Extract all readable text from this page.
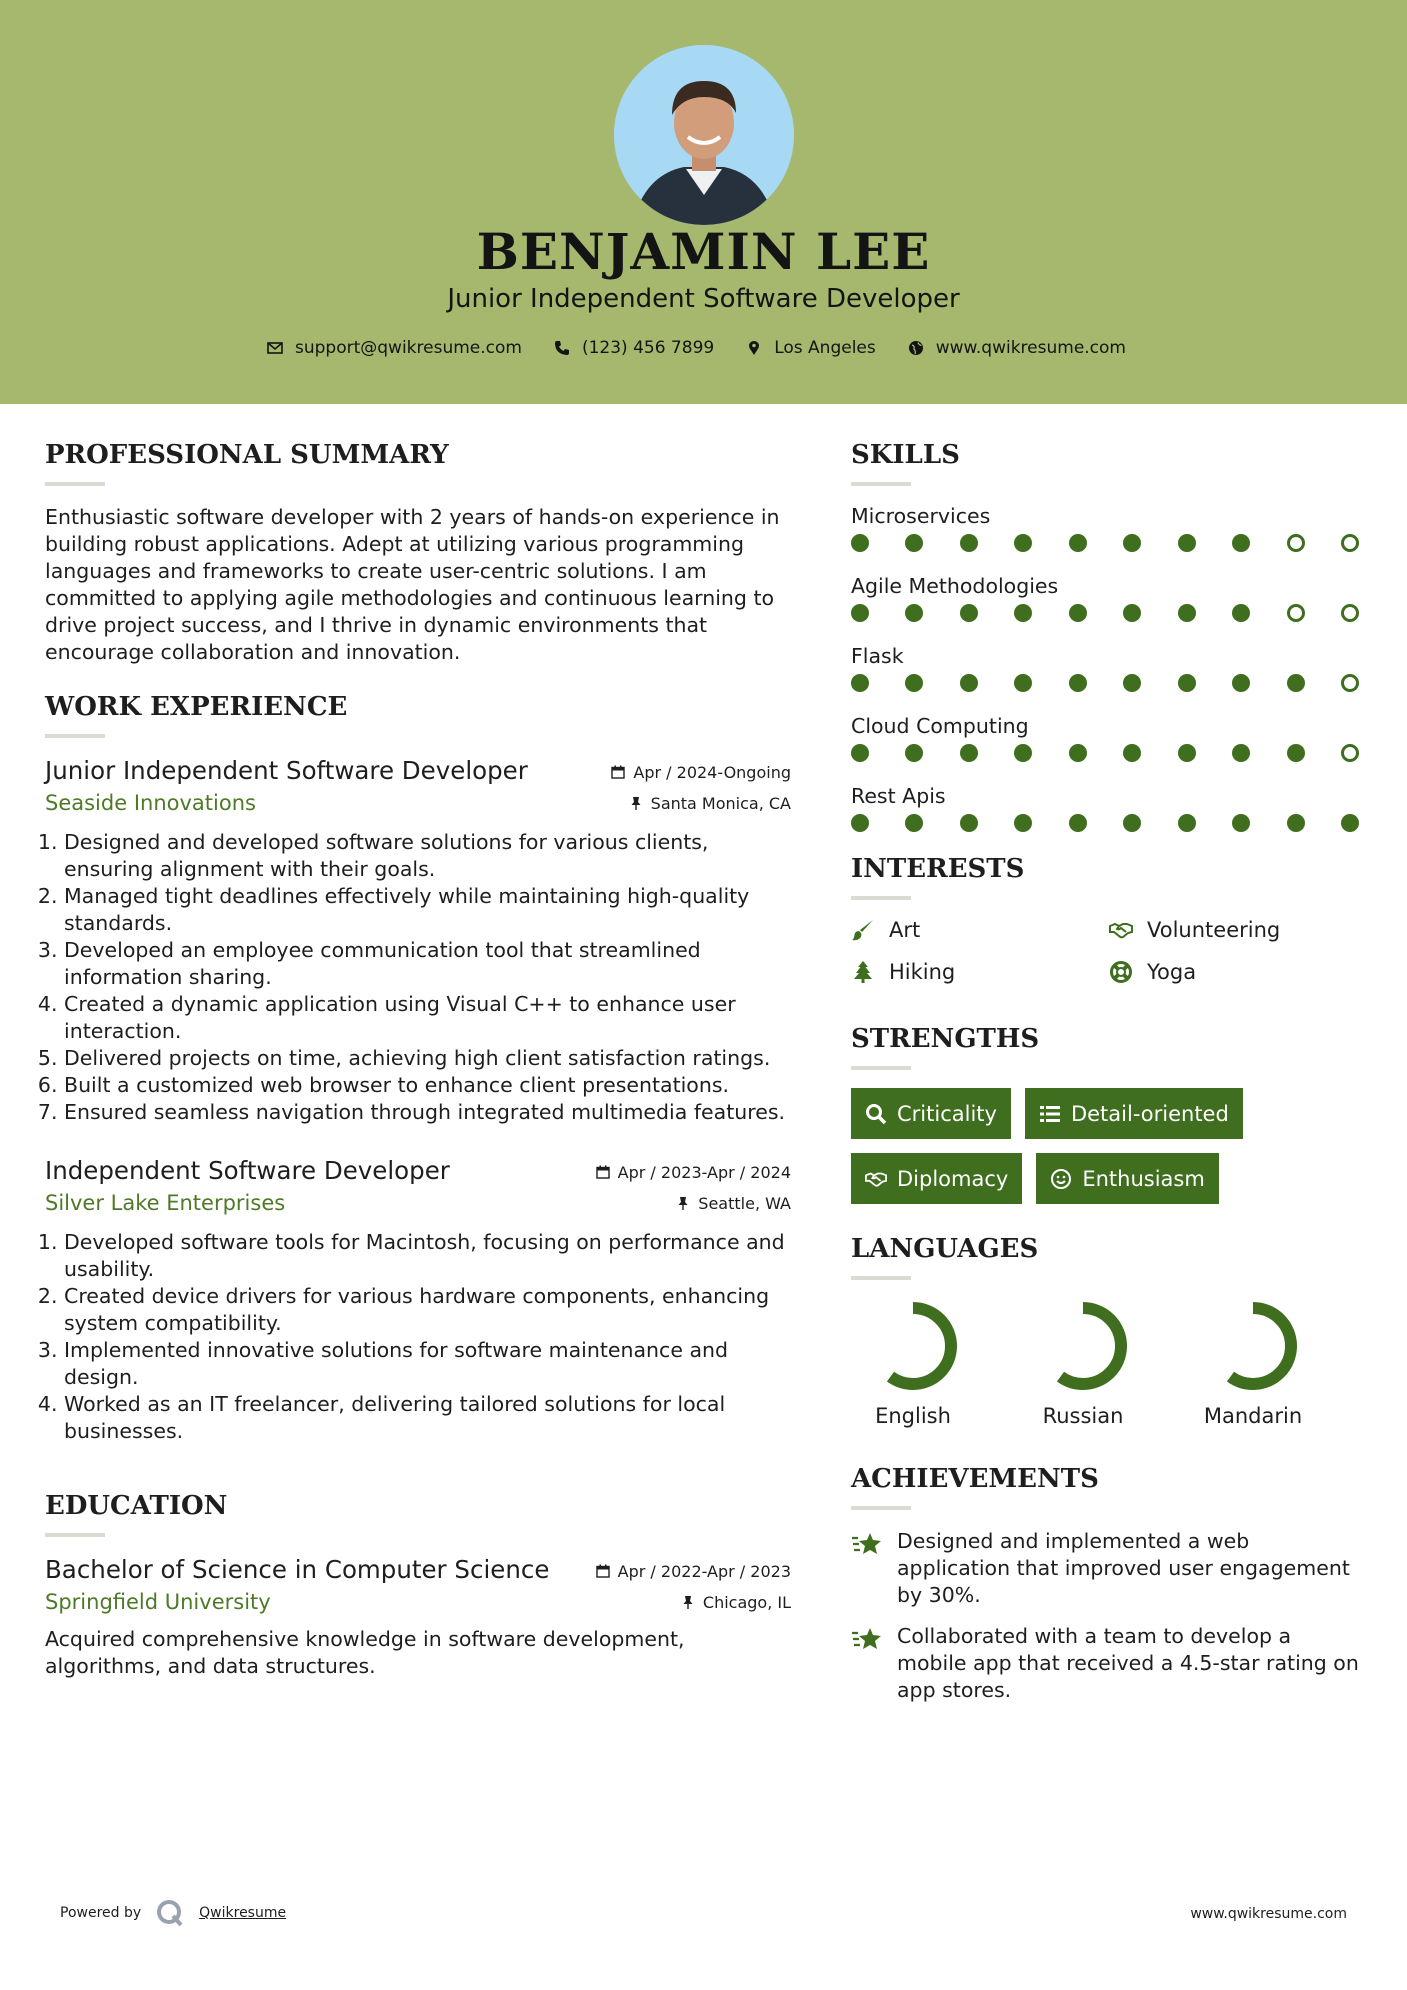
BENJAMIN LEE
Junior Independent Software Developer
support@qwikresume.com	(123) 456 7899	Los Angeles	www.qwikresume.com
PROFESSIONAL SUMMARY

Enthusiastic software developer with 2 years of hands-on experience in building robust applications. Adept at utilizing various programming languages and frameworks to create user-centric solutions. I am committed to applying agile methodologies and continuous learning to drive project success, and I thrive in dynamic environments that encourage collaboration and innovation.

WORK EXPERIENCE
Junior Independent Software Developer	Apr / 2024-Ongoing
Seaside Innovations	Santa Monica, CA
1. Designed and developed software solutions for various clients, ensuring alignment with their goals.
2. Managed tight deadlines effectively while maintaining high-quality standards.
3. Developed an employee communication tool that streamlined information sharing.
4. Created a dynamic application using Visual C++ to enhance user interaction.
5. Delivered projects on time, achieving high client satisfaction ratings.
6. Built a customized web browser to enhance client presentations.
7. Ensured seamless navigation through integrated multimedia features.
Independent Software Developer	Apr / 2023-Apr / 2024
Silver Lake Enterprises	Seattle, WA
1. Developed software tools for Macintosh, focusing on performance and usability.
2. Created device drivers for various hardware components, enhancing system compatibility.
3. Implemented innovative solutions for software maintenance and design.
4. Worked as an IT freelancer, delivering tailored solutions for local businesses.
EDUCATION
Bachelor of Science in Computer Science	Apr / 2022-Apr / 2023
Springfield University	Chicago, IL

Acquired comprehensive knowledge in software development, algorithms, and data structures.

SKILLS
Microservices
Agile Methodologies
Flask
Cloud Computing
Rest Apis
INTERESTS
Art	Volunteering
Hiking	Yoga
STRENGTHS
Criticality	Detail-oriented
Diplomacy	Enthusiasm
LANGUAGES
English	Russian	Mandarin
ACHIEVEMENTS
Designed and implemented a web application that improved user engagement by 30%.
Collaborated with a team to develop a mobile app that received a 4.5-star rating on app stores.
Powered by	Qwikresume	www.qwikresume.com
